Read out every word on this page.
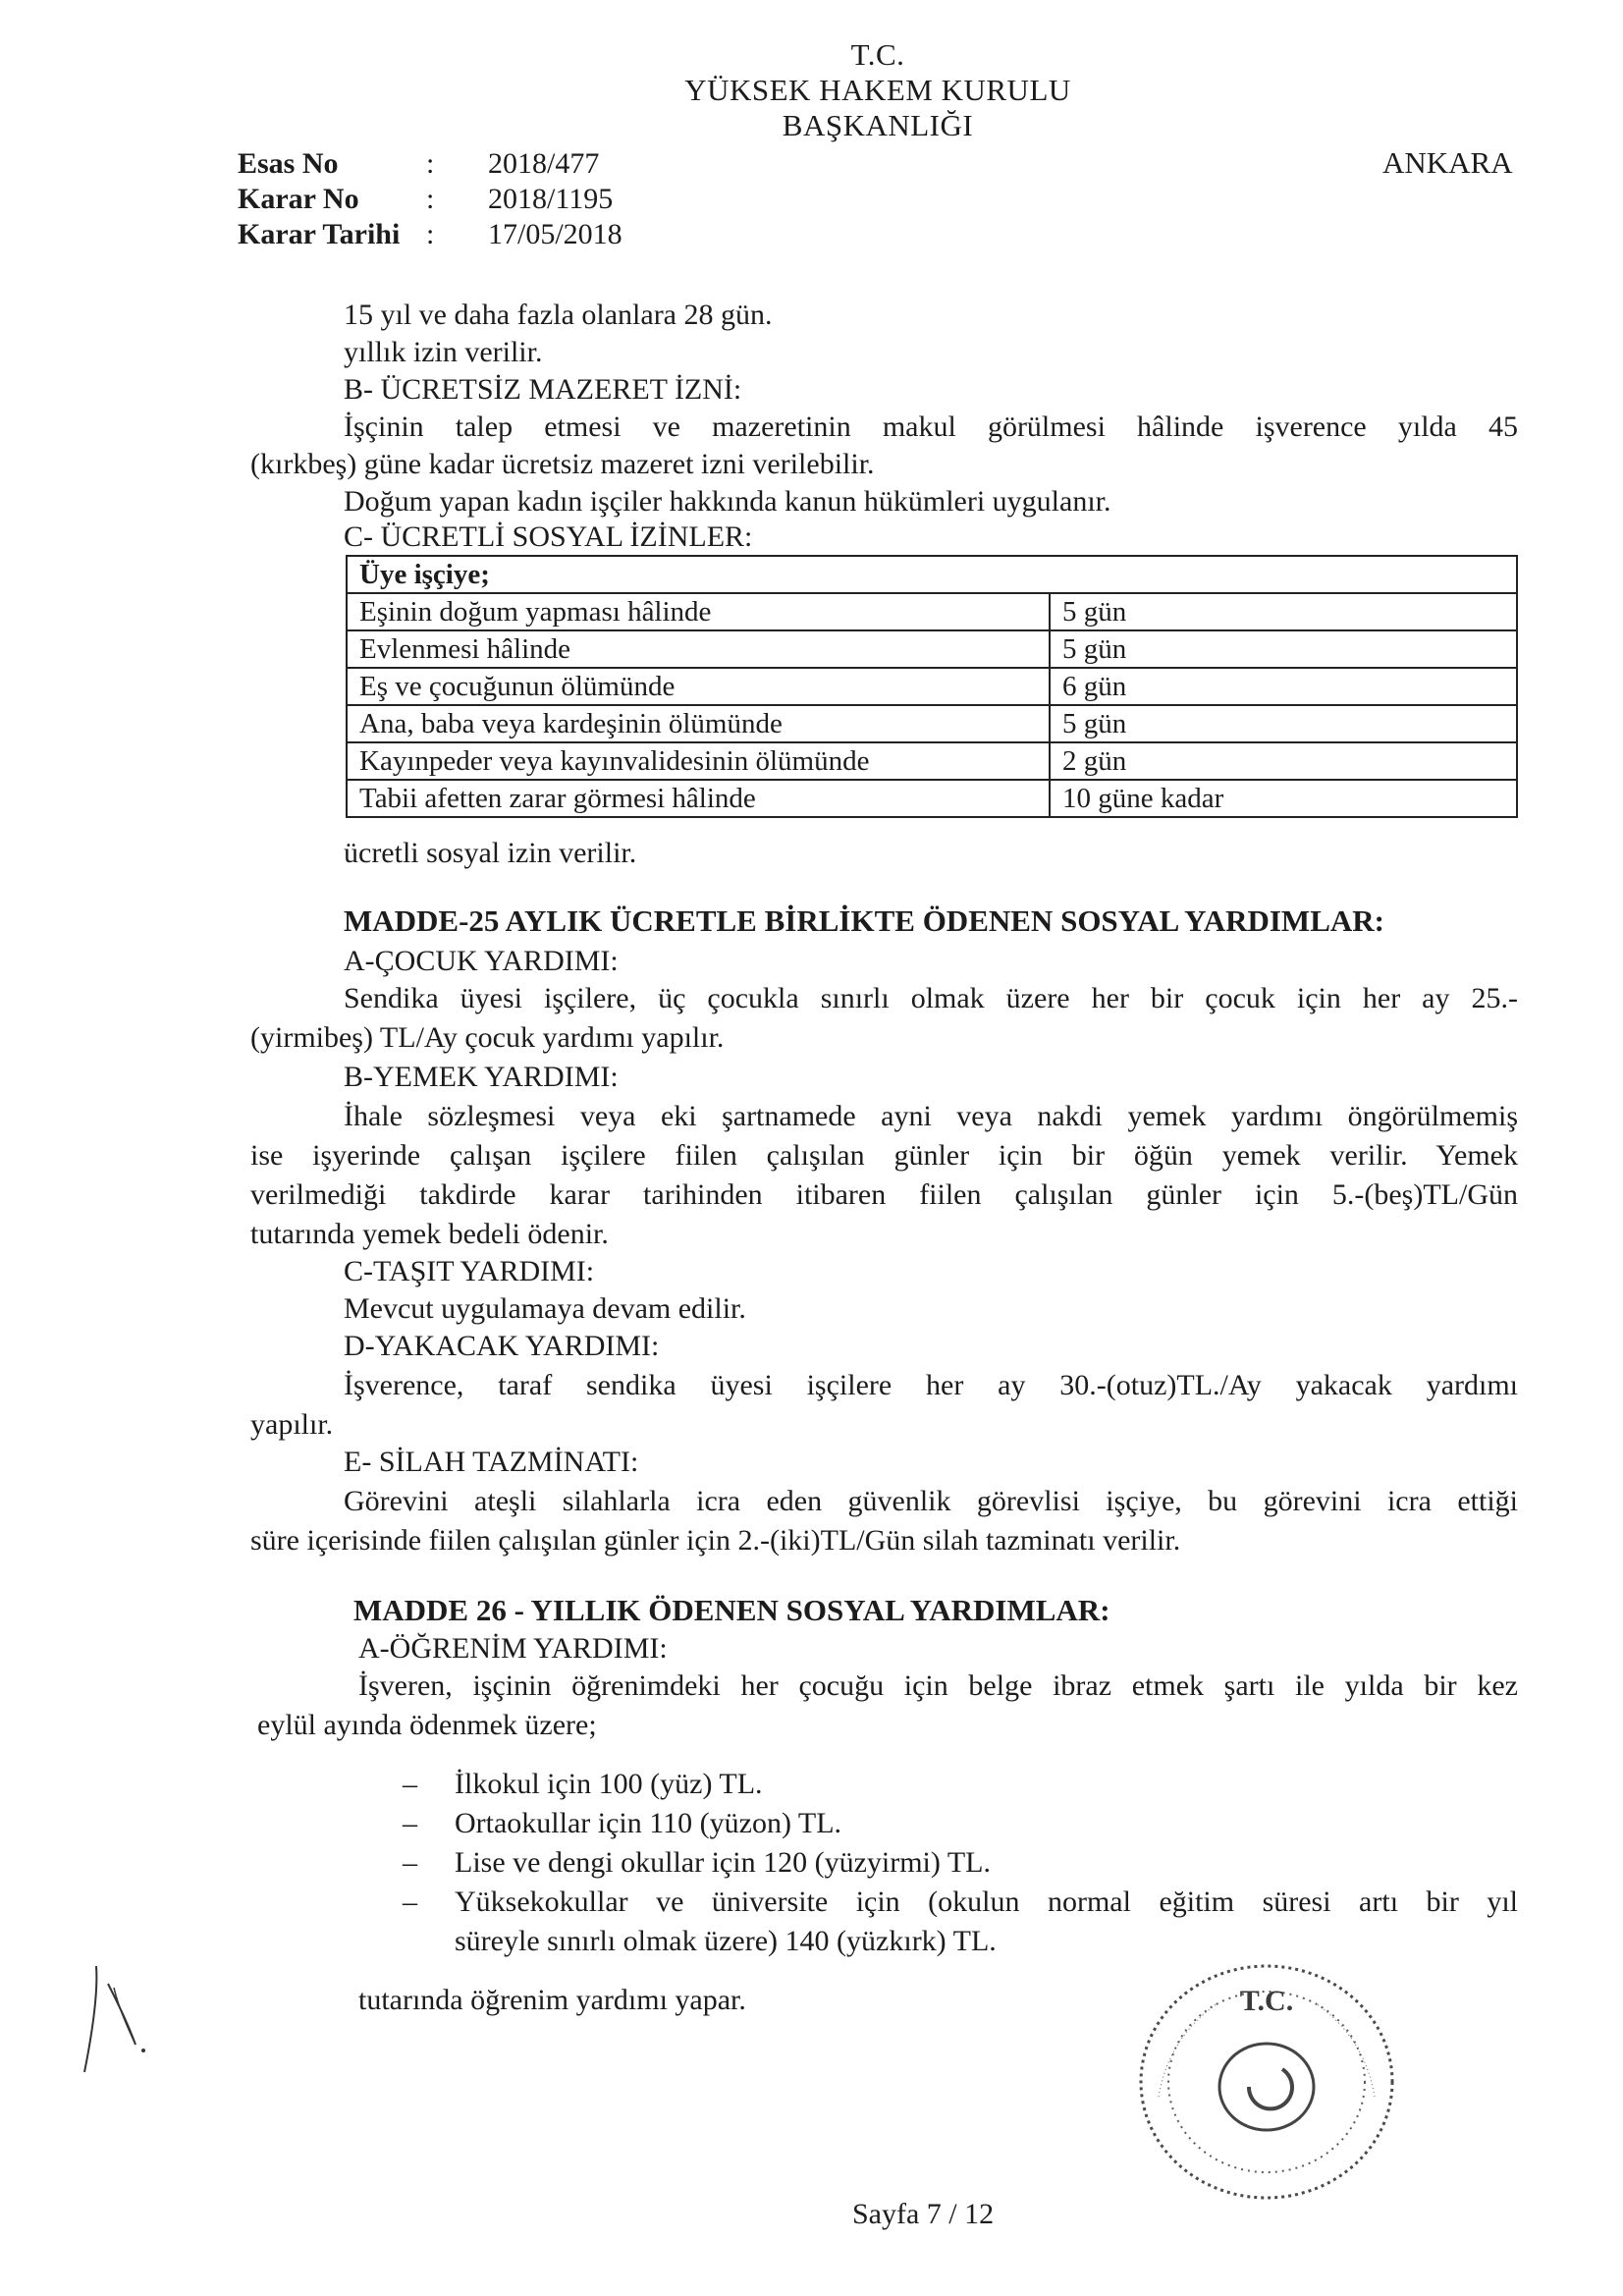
T.C.
YÜKSEK HAKEM KURULU
BAŞKANLIĞI
ANKARA
Esas No	: 2018/477
Karar No : 2018/1195
Karar Tarihi : 17/05/2018
15 yıl ve daha fazla olanlara 28 gün.
yıllık izin verilir.
B- ÜCRETSİZ MAZERET İZNİ:
İşçinin talep etmesi ve mazeretinin makul görülmesi hâlinde işverence yılda 45
(kırkbeş) güne kadar ücretsiz mazeret izni verilebilir.
Doğum yapan kadın işçiler hakkında kanun hükümleri uygulanır.
C- ÜCRETLİ SOSYAL İZİNLER:
Üye işçiye;	
Eşinin doğum yapması hâlinde	5 gün
Evlenmesi hâlinde	5 gün
Eş ve çocuğunun ölümünde	6 gün
Ana, baba veya kardeşinin ölümünde	5 gün
Kayınpeder veya kayınvalidesinin ölümünde	2 gün
Tabii afetten zarar görmesi hâlinde	10 güne kadar
ücretli sosyal izin verilir.
MADDE-25 AYLIK ÜCRETLE BİRLİKTE ÖDENEN SOSYAL YARDIMLAR:
A-ÇOCUK YARDIMI:
Sendika üyesi işçilere, üç çocukla sınırlı olmak üzere her bir çocuk için her ay 25.-
(yirmibeş) TL/Ay çocuk yardımı yapılır.
B-YEMEK YARDIMI:
İhale sözleşmesi veya eki şartnamede ayni veya nakdi yemek yardımı öngörülmemiş
ise işyerinde çalışan işçilere fiilen çalışılan günler için bir öğün yemek verilir. Yemek
verilmediği takdirde karar tarihinden itibaren fiilen çalışılan günler için 5.-(beş)TL/Gün
tutarında yemek bedeli ödenir.
C-TAŞIT YARDIMI:
Mevcut uygulamaya devam edilir.
D-YAKACAK YARDIMI:
İşverence, taraf sendika üyesi işçilere her ay 30.-(otuz)TL./Ay yakacak yardımı
yapılır.
E- SİLAH TAZMİNATI:
Görevini ateşli silahlarla icra eden güvenlik görevlisi işçiye, bu görevini icra ettiği
süre içerisinde fiilen çalışılan günler için 2.-(iki)TL/Gün silah tazminatı verilir.
MADDE 26 - YILLIK ÖDENEN SOSYAL YARDIMLAR:
A-ÖĞRENİM YARDIMI:
İşveren, işçinin öğrenimdeki her çocuğu için belge ibraz etmek şartı ile yılda bir kez
eylül ayında ödenmek üzere;
– İlkokul için 100 (yüz) TL.
– Ortaokullar için 110 (yüzon) TL.
– Lise ve dengi okullar için 120 (yüzyirmi) TL.
– Yüksekokullar ve üniversite için (okulun normal eğitim süresi artı bir yıl
süreyle sınırlı olmak üzere) 140 (yüzkırk) TL.
tutarında öğrenim yardımı yapar.	T.C.
Sayfa 7 / 12
